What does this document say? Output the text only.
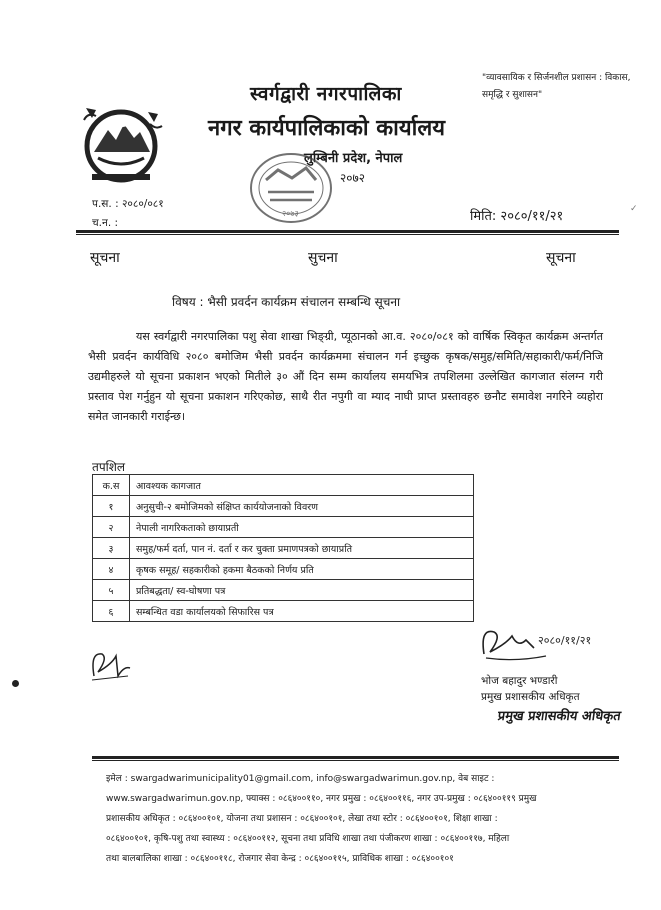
स्वर्गद्वारी नगरपालिका
नगर कार्यपालिकाको कार्यालय
लुम्बिनी प्रदेश, नेपाल
२०७२
"व्यावसायिक र सिर्जनशील प्रशासन : विकास, समृद्धि र सुशासन"
२०७३
प.स. : २०८०/०८१
च.न. :	मिति: २०८०/११/२१	✓
सूचना	सुचना	सूचना
विषय : भैसी प्रवर्दन कार्यक्रम संचालन सम्बन्धि सूचना
यस स्वर्गद्वारी नगरपालिका पशु सेवा शाखा भिङ्ग्री, प्यूठानको आ.व. २०८०/०८१ को वार्षिक स्विकृत कार्यक्रम अन्तर्गत भैसी प्रवर्दन कार्यविधि २०८० बमोजिम भैसी प्रवर्दन कार्यक्रममा संचालन गर्न इच्छुक कृषक/समुह/समिति/सहाकारी/फर्म/निजि उद्यमीहरुले यो सूचना प्रकाशन भएको मितीले ३० औं दिन सम्म कार्यालय समयभित्र तपशिलमा उल्लेखित कागजात संलग्न गरी प्रस्ताव पेश गर्नुहुन यो सूचना प्रकाशन गरिएकोछ, साथै रीत नपुगी वा म्याद नाघी प्राप्त प्रस्तावहरु छनौट समावेश नगरिने व्यहोरा समेत जानकारी गराईन्छ।
तपशिल
क.स	आवश्यक कागजात
१	अनुसुची-२ बमोजिमको संक्षिप्त कार्ययोजनाको विवरण
२	नेपाली नागरिकताको छायाप्रती
३	समुह/फर्म दर्ता, पान नं. दर्ता र कर चुक्ता प्रमाणपत्रको छायाप्रति
४	कृषक समूह/ सहकारीको हकमा बैठकको निर्णय प्रति
५	प्रतिबद्धता/ स्व-घोषणा पत्र
६	सम्बन्धित वडा कार्यालयको सिफारिस पत्र
२०८०/११/२१
भोज बहादुर भण्डारी
प्रमुख प्रशासकीय अधिकृत
प्रमुख प्रशासकीय अधिकृत
इमेल : swargadwarimunicipality01@gmail.com, info@swargadwarimun.gov.np, वेब साइट :
www.swargadwarimun.gov.np, फ्याक्स : ०८६४००११०, नगर प्रमुख : ०८६४००११६, नगर उप-प्रमुख : ०८६४००११९ प्रमुख
प्रशासकीय अधिकृत : ०८६४००१०१, योजना तथा प्रशासन : ०८६४००१०१, लेखा तथा स्टोर : ०८६४००१०१, शिक्षा शाखा :
०८६४००१०१, कृषि-पशु तथा स्वास्थ्य : ०८६४००११२, सूचना तथा प्रविधि शाखा तथा पंजीकरण शाखा : ०८६४००११७, महिला
तथा बालबालिका शाखा : ०८६४००११८, रोजगार सेवा केन्द्र : ०८६४००११५, प्राविधिक शाखा : ०८६४००१०१
